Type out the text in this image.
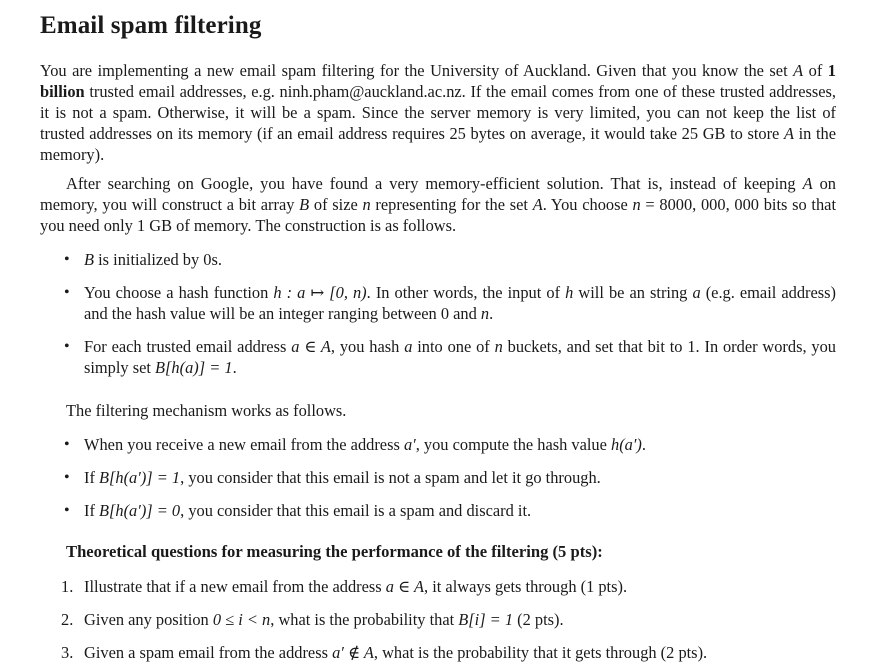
Email spam filtering

You are implementing a new email spam filtering for the University of Auckland. Given that you know the set A of 1 billion trusted email addresses, e.g. ninh.pham@auckland.ac.nz. If the email comes from one of these trusted addresses, it is not a spam. Otherwise, it will be a spam. Since the server memory is very limited, you can not keep the list of trusted addresses on its memory (if an email address requires 25 bytes on average, it would take 25 GB to store A in the memory).

After searching on Google, you have found a very memory-efficient solution. That is, instead of keeping A on memory, you will construct a bit array B of size n representing for the set A. You choose n = 8000, 000, 000 bits so that you need only 1 GB of memory. The construction is as follows.

• B is initialized by 0s.
• You choose a hash function h : a ↦ [0, n). In other words, the input of h will be an string a (e.g. email address) and the hash value will be an integer ranging between 0 and n.
• For each trusted email address a ∈ A, you hash a into one of n buckets, and set that bit to 1. In order words, you simply set B[h(a)] = 1.

The filtering mechanism works as follows.

• When you receive a new email from the address a′, you compute the hash value h(a′).
• If B[h(a′)] = 1, you consider that this email is not a spam and let it go through.
• If B[h(a′)] = 0, you consider that this email is a spam and discard it.

Theoretical questions for measuring the performance of the filtering (5 pts):

1. Illustrate that if a new email from the address a ∈ A, it always gets through (1 pts).
2. Given any position 0 ≤ i < n, what is the probability that B[i] = 1 (2 pts).
3. Given a spam email from the address a′ ∉ A, what is the probability that it gets through (2 pts).
